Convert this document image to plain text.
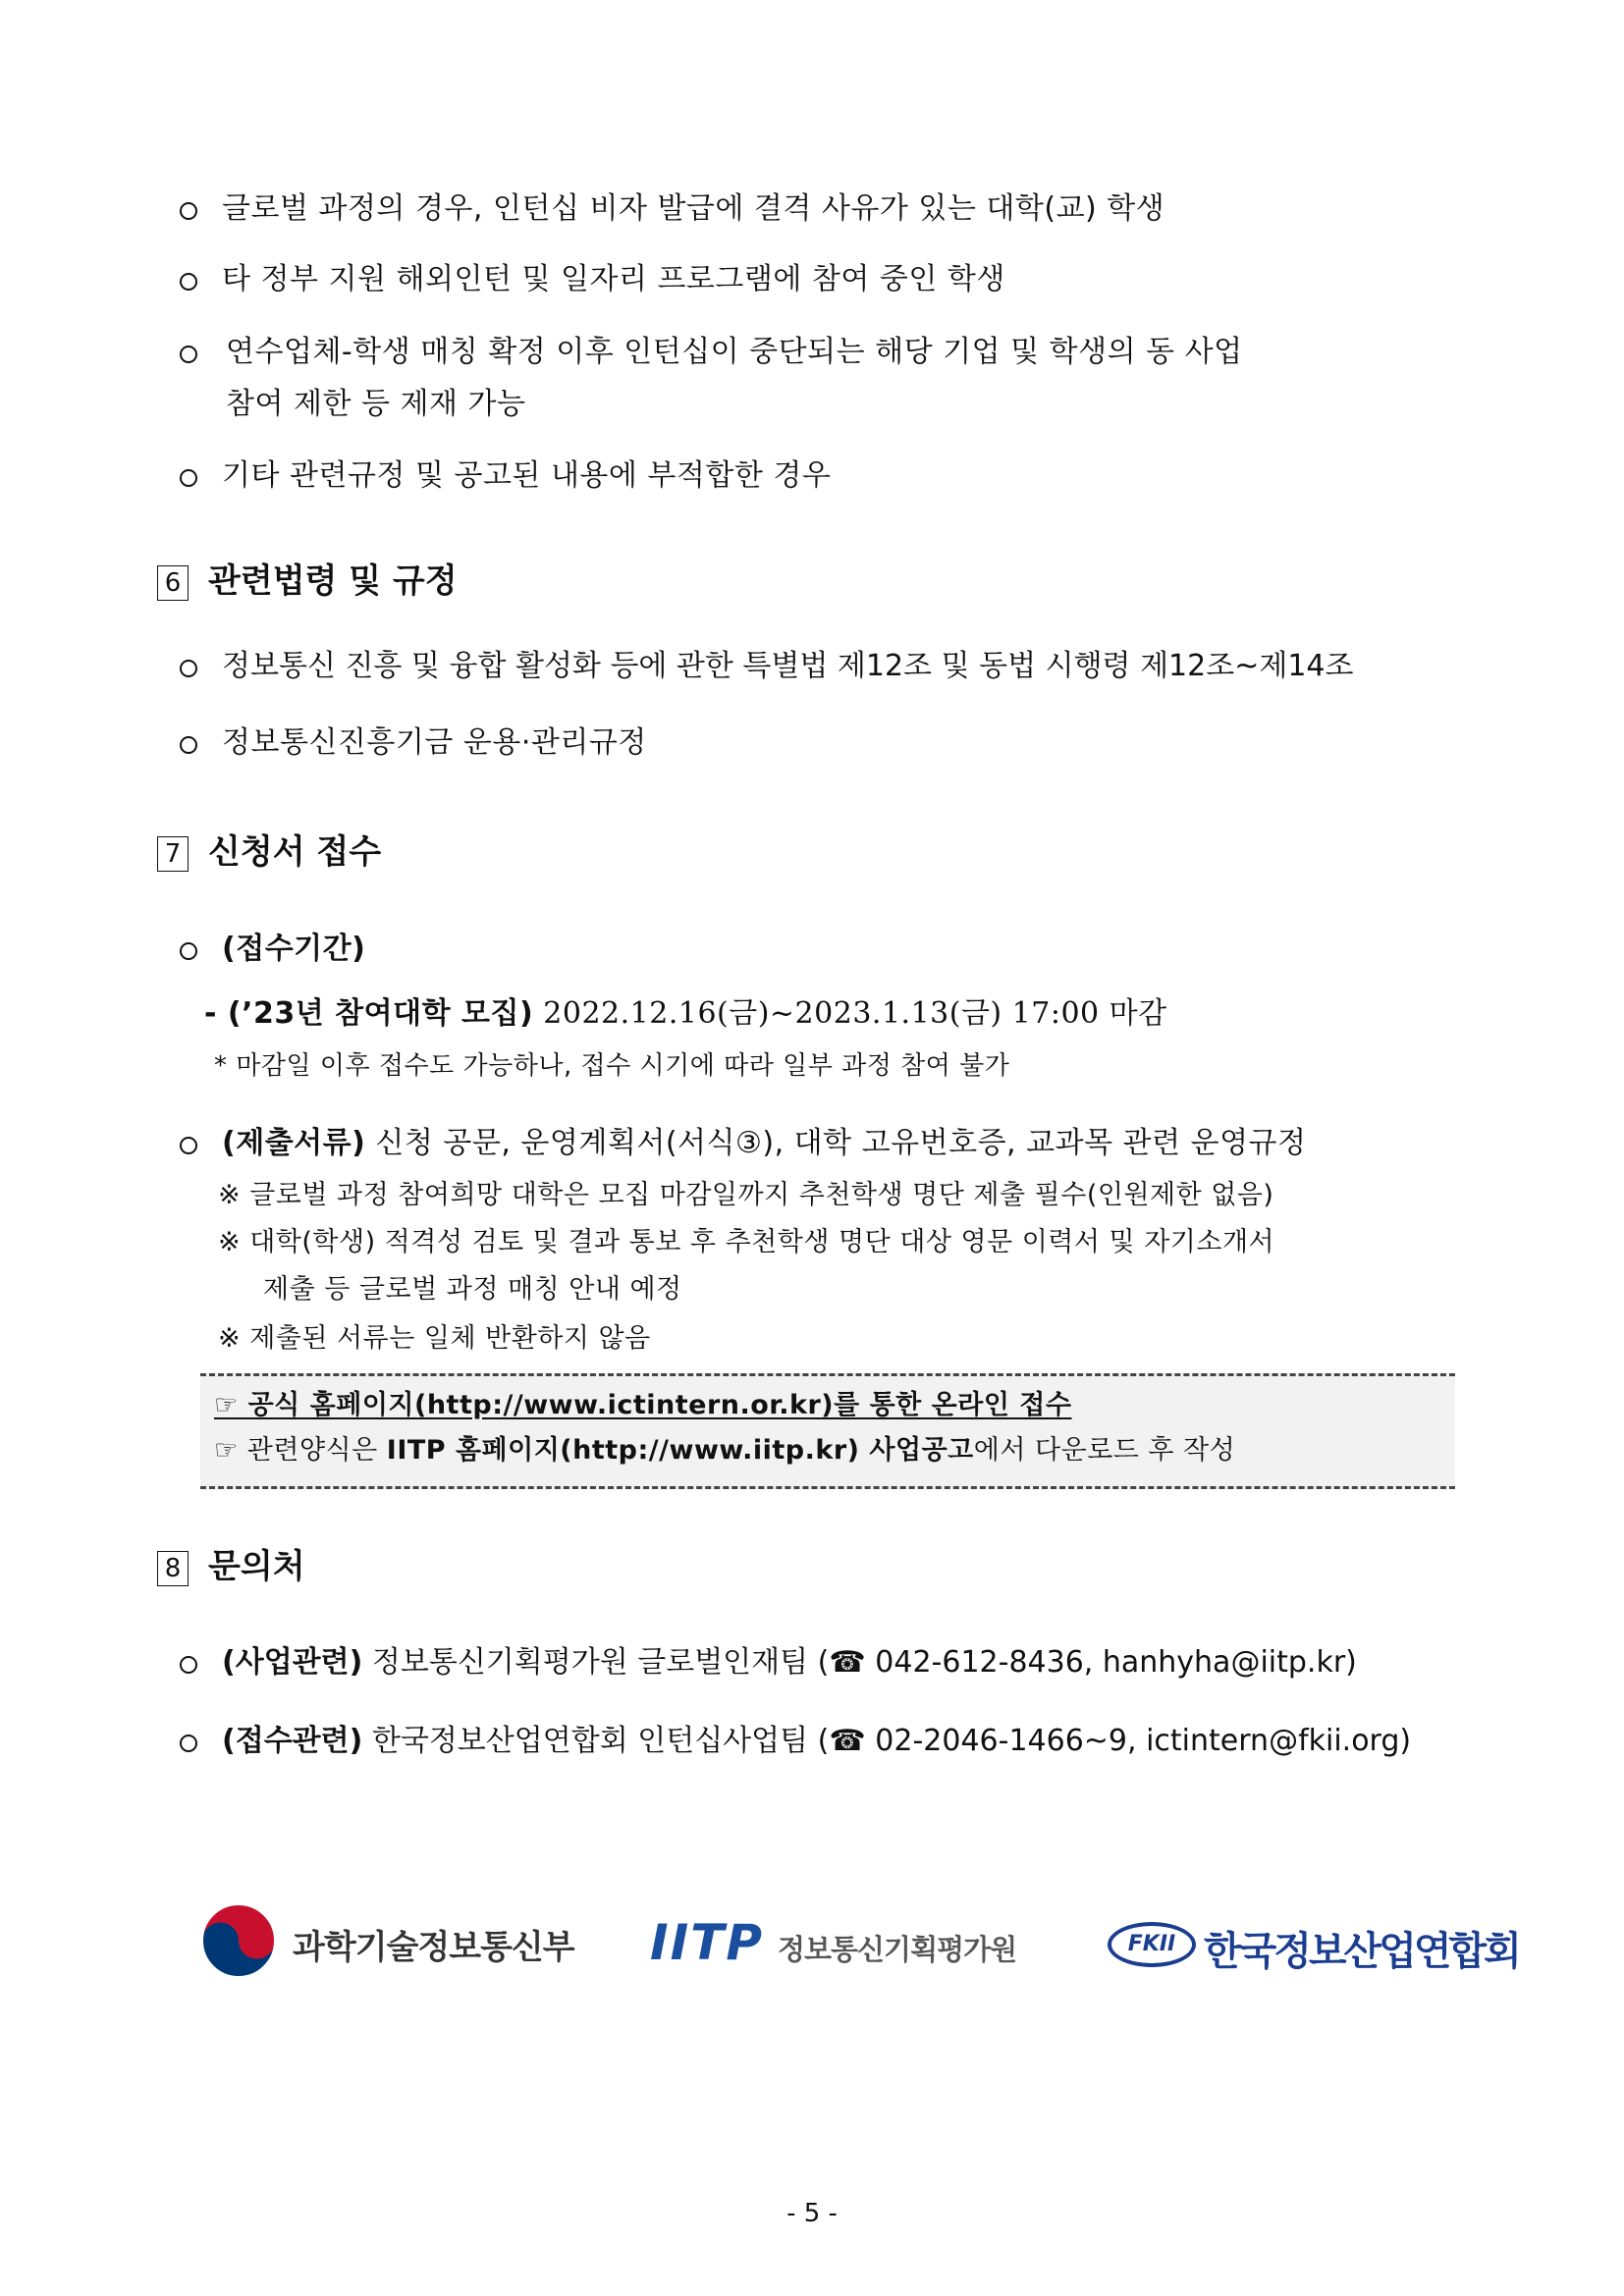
글로벌 과정의 경우, 인턴십 비자 발급에 결격 사유가 있는 대학(교) 학생
타 정부 지원 해외인턴 및 일자리 프로그램에 참여 중인 학생
연수업체-학생 매칭 확정 이후 인턴십이 중단되는 해당 기업 및 학생의 동 사업
참여 제한 등 제재 가능
기타 관련규정 및 공고된 내용에 부적합한 경우
6 관련법령 및 규정
정보통신 진흥 및 융합 활성화 등에 관한 특별법 제12조 및 동법 시행령 제12조~제14조
정보통신진흥기금 운용·관리규정
7 신청서 접수
(접수기간)
- (’23년 참여대학 모집) 2022.12.16(금)~2023.1.13(금) 17:00 마감
* 마감일 이후 접수도 가능하나, 접수 시기에 따라 일부 과정 참여 불가
(제출서류) 신청 공문, 운영계획서(서식③), 대학 고유번호증, 교과목 관련 운영규정
※ 글로벌 과정 참여희망 대학은 모집 마감일까지 추천학생 명단 제출 필수(인원제한 없음)
※ 대학(학생) 적격성 검토 및 결과 통보 후 추천학생 명단 대상 영문 이력서 및 자기소개서
제출 등 글로벌 과정 매칭 안내 예정
※ 제출된 서류는 일체 반환하지 않음
☞ 공식 홈페이지(http://www.ictintern.or.kr)를 통한 온라인 접수
☞ 관련양식은 IITP 홈페이지(http://www.iitp.kr) 사업공고에서 다운로드 후 작성
8 문의처
(사업관련) 정보통신기획평가원 글로벌인재팀 (☎ 042-612-8436, hanhyha@iitp.kr)
(접수관련) 한국정보산업연합회 인턴십사업팀 (☎ 02-2046-1466~9, ictintern@fkii.org)
과학기술정보통신부 IITP 정보통신기획평가원	FKII 한국정보산업연합회
- 5 -
